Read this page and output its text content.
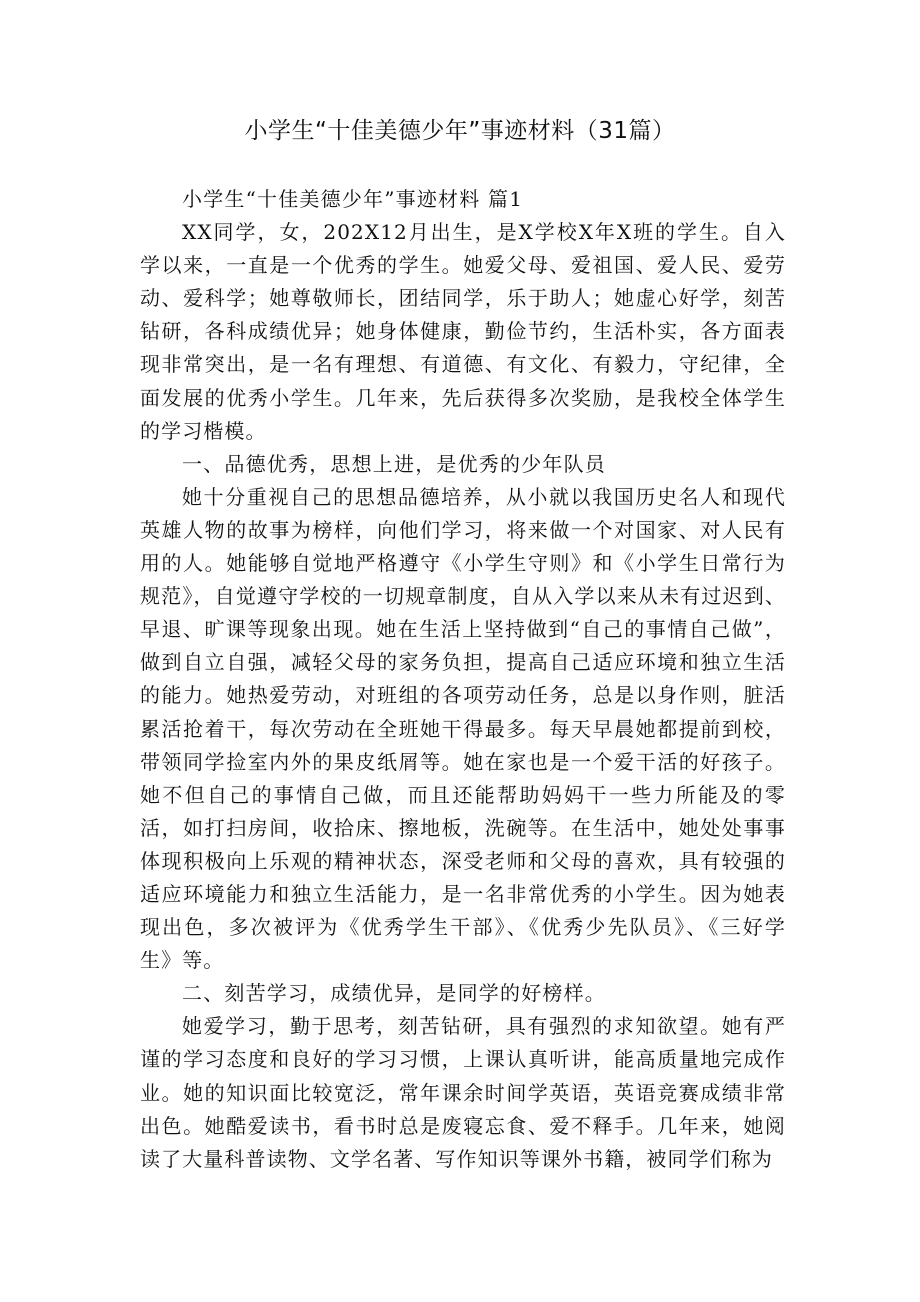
小学生“十佳美德少年”事迹材料（31篇）

小学生“十佳美德少年”事迹材料 篇1

XX同学，女，202X12月出生，是X学校X年X班的学生。自入学以来，一直是一个优秀的学生。她爱父母、爱祖国、爱人民、爱劳动、爱科学；她尊敬师长，团结同学，乐于助人；她虚心好学，刻苦钻研，各科成绩优异；她身体健康，勤俭节约，生活朴实，各方面表现非常突出，是一名有理想、有道德、有文化、有毅力，守纪律，全面发展的优秀小学生。几年来，先后获得多次奖励，是我校全体学生的学习楷模。

一、品德优秀，思想上进，是优秀的少年队员

她十分重视自己的思想品德培养，从小就以我国历史名人和现代英雄人物的故事为榜样，向他们学习，将来做一个对国家、对人民有用的人。她能够自觉地严格遵守《小学生守则》和《小学生日常行为规范》，自觉遵守学校的一切规章制度，自从入学以来从未有过迟到、早退、旷课等现象出现。她在生活上坚持做到“自己的事情自己做”，做到自立自强，减轻父母的家务负担，提高自己适应环境和独立生活的能力。她热爱劳动，对班组的各项劳动任务，总是以身作则，脏活累活抢着干，每次劳动在全班她干得最多。每天早晨她都提前到校，带领同学捡室内外的果皮纸屑等。她在家也是一个爱干活的好孩子。她不但自己的事情自己做，而且还能帮助妈妈干一些力所能及的零活，如打扫房间，收拾床、擦地板，洗碗等。在生活中，她处处事事体现积极向上乐观的精神状态，深受老师和父母的喜欢，具有较强的适应环境能力和独立生活能力，是一名非常优秀的小学生。因为她表现出色，多次被评为《优秀学生干部》、《优秀少先队员》、《三好学生》等。

二、刻苦学习，成绩优异，是同学的好榜样。

她爱学习，勤于思考，刻苦钻研，具有强烈的求知欲望。她有严谨的学习态度和良好的学习习惯，上课认真听讲，能高质量地完成作业。她的知识面比较宽泛，常年课余时间学英语，英语竞赛成绩非常出色。她酷爱读书，看书时总是废寝忘食、爱不释手。几年来，她阅读了大量科普读物、文学名著、写作知识等课外书籍，被同学们称为
